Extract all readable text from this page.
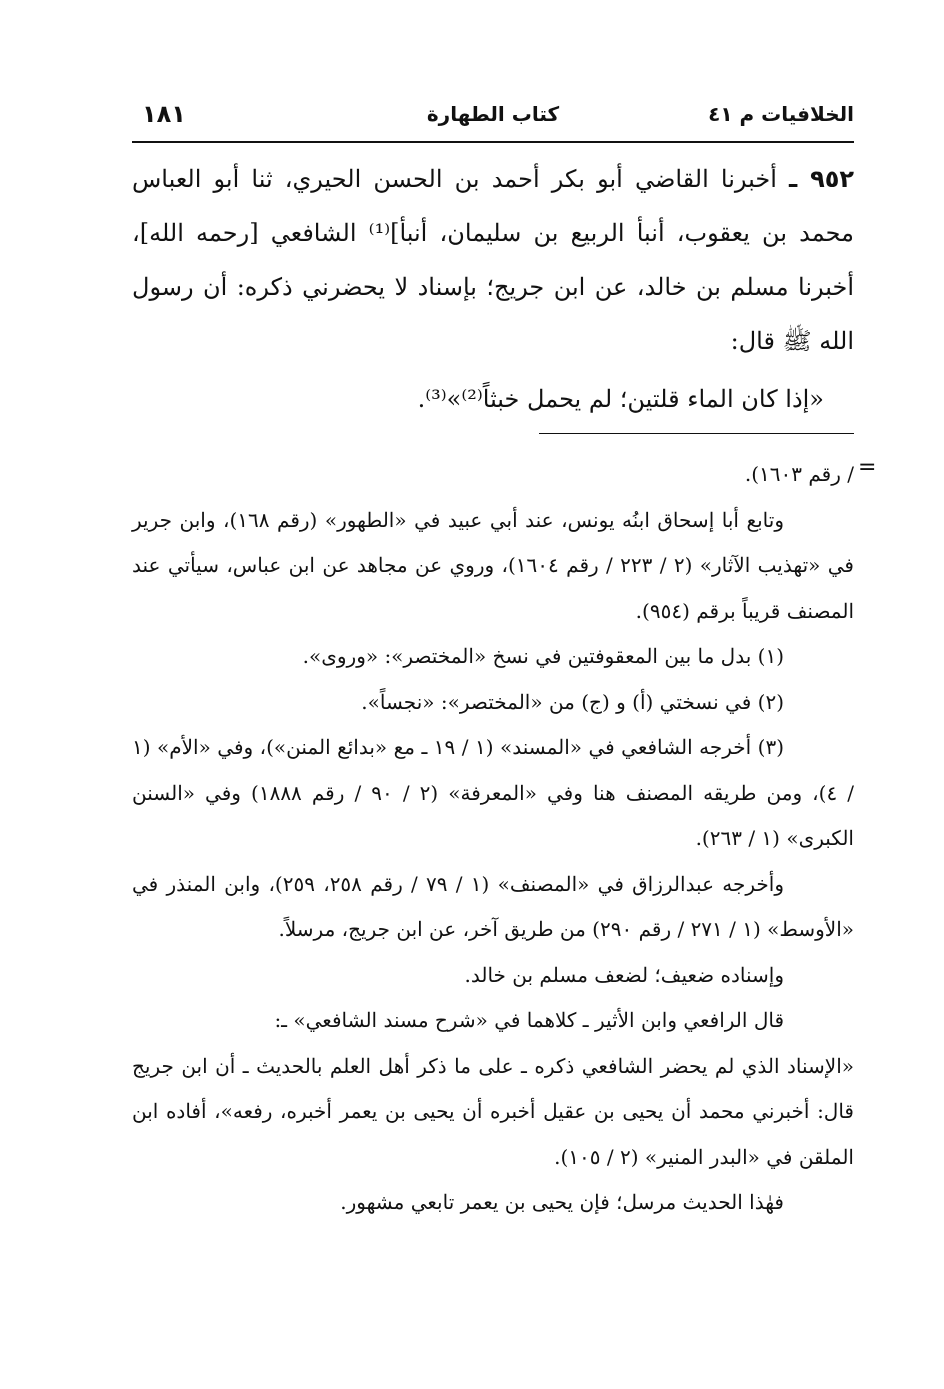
١٨١	كتاب الطهارة	الخلافيات م ٤١

٩٥٢ ـ أخبرنا القاضي أبو بكر أحمد بن الحسن الحيري، ثنا أبو العباس محمد بن يعقوب، أنبأ الربيع بن سليمان، أنبأ]⁽¹⁾ الشافعي [رحمه الله]، أخبرنا مسلم بن خالد، عن ابن جريج؛ بإسناد لا يحضرني ذكره: أن رسول الله ﷺ قال:

«إذا كان الماء قلتين؛ لم يحمل خبثاً⁽²⁾»⁽³⁾.

=

/ رقم ١٦٠٣).

وتابع أبا إسحاق ابنُه يونس، عند أبي عبيد في «الطهور» (رقم ١٦٨)، وابن جرير في «تهذيب الآثار» (٢ / ٢٢٣ / رقم ١٦٠٤)، وروي عن مجاهد عن ابن عباس، سيأتي عند المصنف قريباً برقم (٩٥٤).

(١) بدل ما بين المعقوفتين في نسخ «المختصر»: «وروى».

(٢) في نسختي (أ) و (ج) من «المختصر»: «نجساً».

(٣) أخرجه الشافعي في «المسند» (١ / ١٩ ـ مع «بدائع المنن»)، وفي «الأم» (١ / ٤)، ومن طريقه المصنف هنا وفي «المعرفة» (٢ / ٩٠ / رقم ١٨٨٨) وفي «السنن الكبرى» (١ / ٢٦٣).

وأخرجه عبدالرزاق في «المصنف» (١ / ٧٩ / رقم ٢٥٨، ٢٥٩)، وابن المنذر في «الأوسط» (١ / ٢٧١ / رقم ٢٩٠) من طريق آخر، عن ابن جريج، مرسلاً.

وإسناده ضعيف؛ لضعف مسلم بن خالد.

قال الرافعي وابن الأثير ـ كلاهما في «شرح مسند الشافعي» ـ:

«الإسناد الذي لم يحضر الشافعي ذكره ـ على ما ذكر أهل العلم بالحديث ـ أن ابن جريج قال: أخبرني محمد أن يحيى بن عقيل أخبره أن يحيى بن يعمر أخبره، رفعه»، أفاده ابن الملقن في «البدر المنير» (٢ / ١٠٥).

فهٰذا الحديث مرسل؛ فإن يحيى بن يعمر تابعي مشهور.
